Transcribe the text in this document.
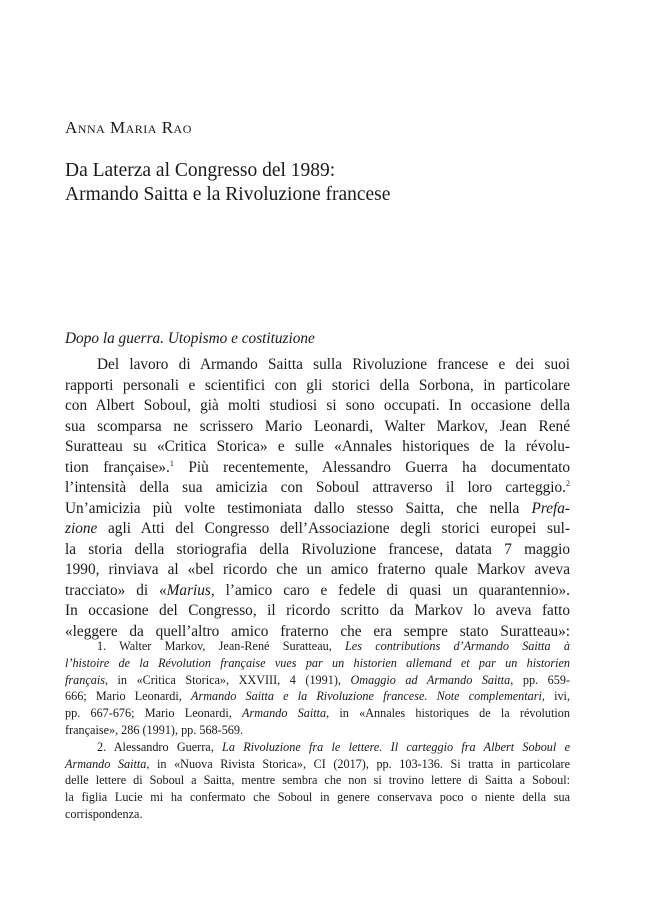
Anna Maria Rao
Da Laterza al Congresso del 1989:
Armando Saitta e la Rivoluzione francese
Dopo la guerra. Utopismo e costituzione
Del lavoro di Armando Saitta sulla Rivoluzione francese e dei suoi
rapporti personali e scientifici con gli storici della Sorbona, in particolare
con Albert Soboul, già molti studiosi si sono occupati. In occasione della
sua scomparsa ne scrissero Mario Leonardi, Walter Markov, Jean René
Suratteau su «Critica Storica» e sulle «Annales historiques de la révolu-
tion française».$^1$ Più recentemente, Alessandro Guerra ha documentato
l’intensità della sua amicizia con Soboul attraverso il loro carteggio.$^2$
Un’amicizia più volte testimoniata dallo stesso Saitta, che nella Prefa-
zione agli Atti del Congresso dell’Associazione degli storici europei sul-
la storia della storiografia della Rivoluzione francese, datata 7 maggio
1990, rinviava al «bel ricordo che un amico fraterno quale Markov aveva
tracciato» di «Marius, l’amico caro e fedele di quasi un quarantennio».
In occasione del Congresso, il ricordo scritto da Markov lo aveva fatto
«leggere da quell’altro amico fraterno che era sempre stato Suratteau»:
1. Walter Markov, Jean-René Suratteau, Les contributions d’Armando Saitta à
l’histoire de la Révolution française vues par un historien allemand et par un historien
français, in «Critica Storica», XXVIII, 4 (1991), Omaggio ad Armando Saitta, pp. 659-
666; Mario Leonardi, Armando Saitta e la Rivoluzione francese. Note complementari, ivi,
pp. 667-676; Mario Leonardi, Armando Saitta, in «Annales historiques de la révolution
française», 286 (1991), pp. 568-569.
2. Alessandro Guerra, La Rivoluzione fra le lettere. Il carteggio fra Albert Soboul e
Armando Saitta, in «Nuova Rivista Storica», CI (2017), pp. 103-136. Si tratta in particolare
delle lettere di Soboul a Saitta, mentre sembra che non si trovino lettere di Saitta a Soboul:
la figlia Lucie mi ha confermato che Soboul in genere conservava poco o niente della sua
corrispondenza.
